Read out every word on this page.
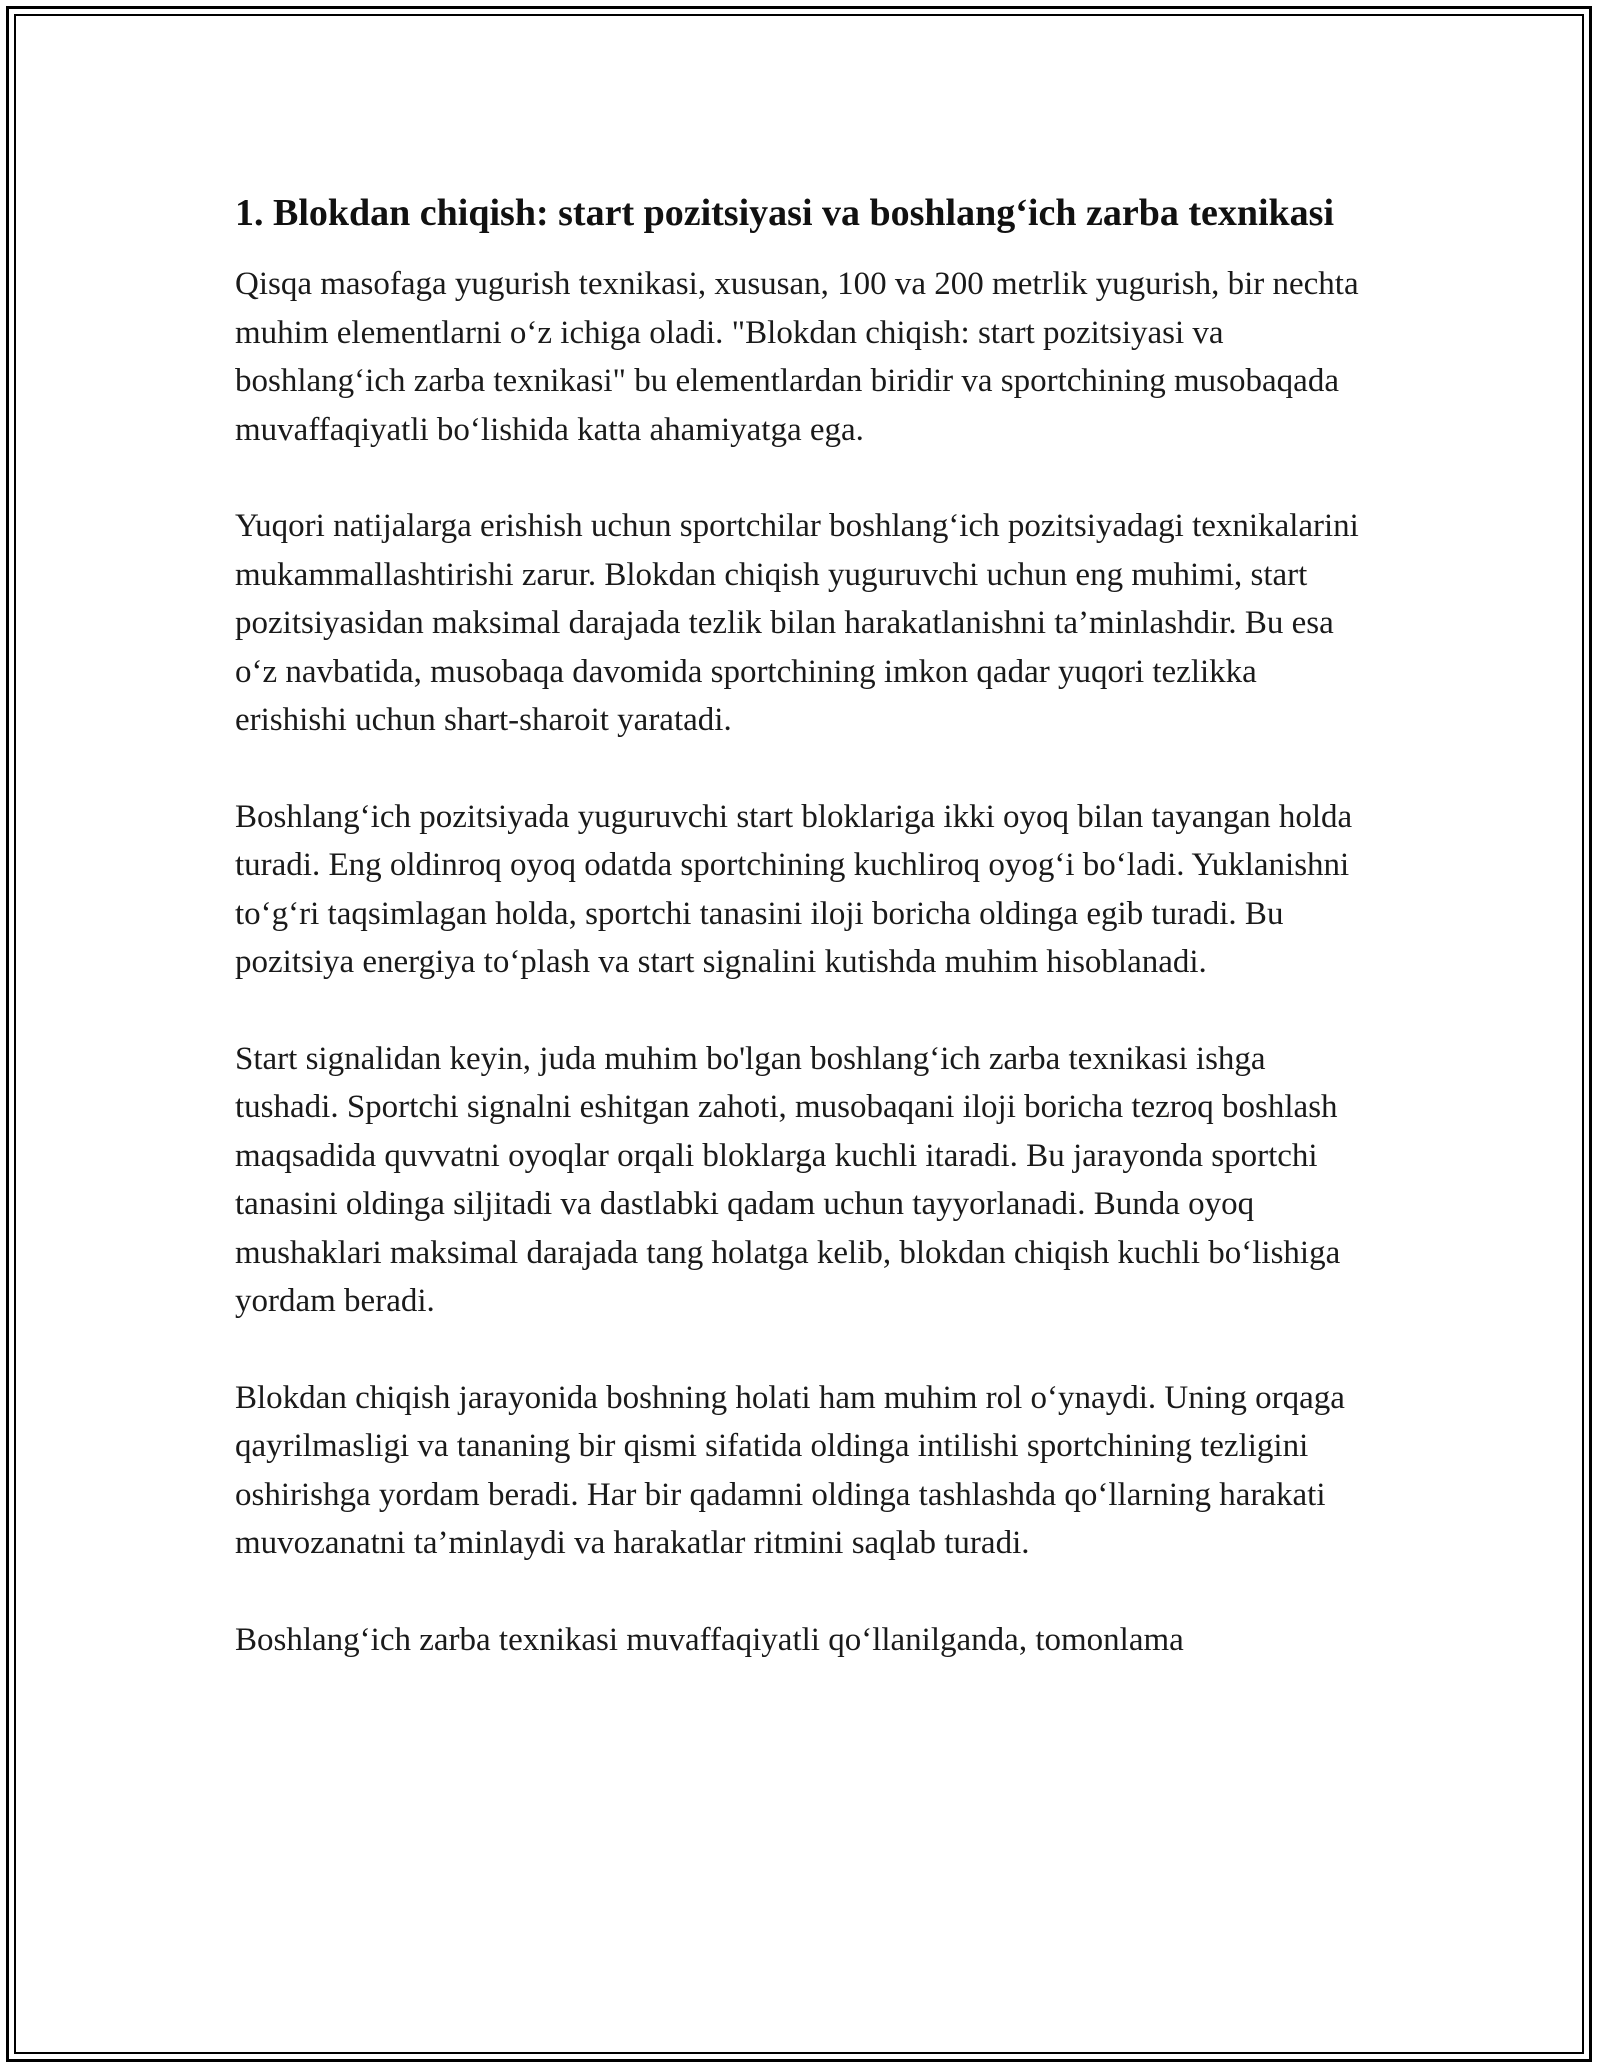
1. Blokdan chiqish: start pozitsiyasi va boshlang‘ich zarba texnikasi

Qisqa masofaga yugurish texnikasi, xususan, 100 va 200 metrlik yugurish, bir nechta muhim elementlarni o‘z ichiga oladi. "Blokdan chiqish: start pozitsiyasi va boshlang‘ich zarba texnikasi" bu elementlardan biridir va sportchining musobaqada muvaffaqiyatli bo‘lishida katta ahamiyatga ega.

Yuqori natijalarga erishish uchun sportchilar boshlang‘ich pozitsiyadagi texnikalarini mukammallashtirishi zarur. Blokdan chiqish yuguruvchi uchun eng muhimi, start pozitsiyasidan maksimal darajada tezlik bilan harakatlanishni ta’minlashdir. Bu esa o‘z navbatida, musobaqa davomida sportchining imkon qadar yuqori tezlikka erishishi uchun shart-sharoit yaratadi.

Boshlang‘ich pozitsiyada yuguruvchi start bloklariga ikki oyoq bilan tayangan holda turadi. Eng oldinroq oyoq odatda sportchining kuchliroq oyog‘i bo‘ladi. Yuklanishni to‘g‘ri taqsimlagan holda, sportchi tanasini iloji boricha oldinga egib turadi. Bu pozitsiya energiya to‘plash va start signalini kutishda muhim hisoblanadi.

Start signalidan keyin, juda muhim bo'lgan boshlang‘ich zarba texnikasi ishga tushadi. Sportchi signalni eshitgan zahoti, musobaqani iloji boricha tezroq boshlash maqsadida quvvatni oyoqlar orqali bloklarga kuchli itaradi. Bu jarayonda sportchi tanasini oldinga siljitadi va dastlabki qadam uchun tayyorlanadi. Bunda oyoq mushaklari maksimal darajada tang holatga kelib, blokdan chiqish kuchli bo‘lishiga yordam beradi.

Blokdan chiqish jarayonida boshning holati ham muhim rol o‘ynaydi. Uning orqaga qayrilmasligi va tananing bir qismi sifatida oldinga intilishi sportchining tezligini oshirishga yordam beradi. Har bir qadamni oldinga tashlashda qo‘llarning harakati muvozanatni ta’minlaydi va harakatlar ritmini saqlab turadi.

Boshlang‘ich zarba texnikasi muvaffaqiyatli qo‘llanilganda, tomonlama
